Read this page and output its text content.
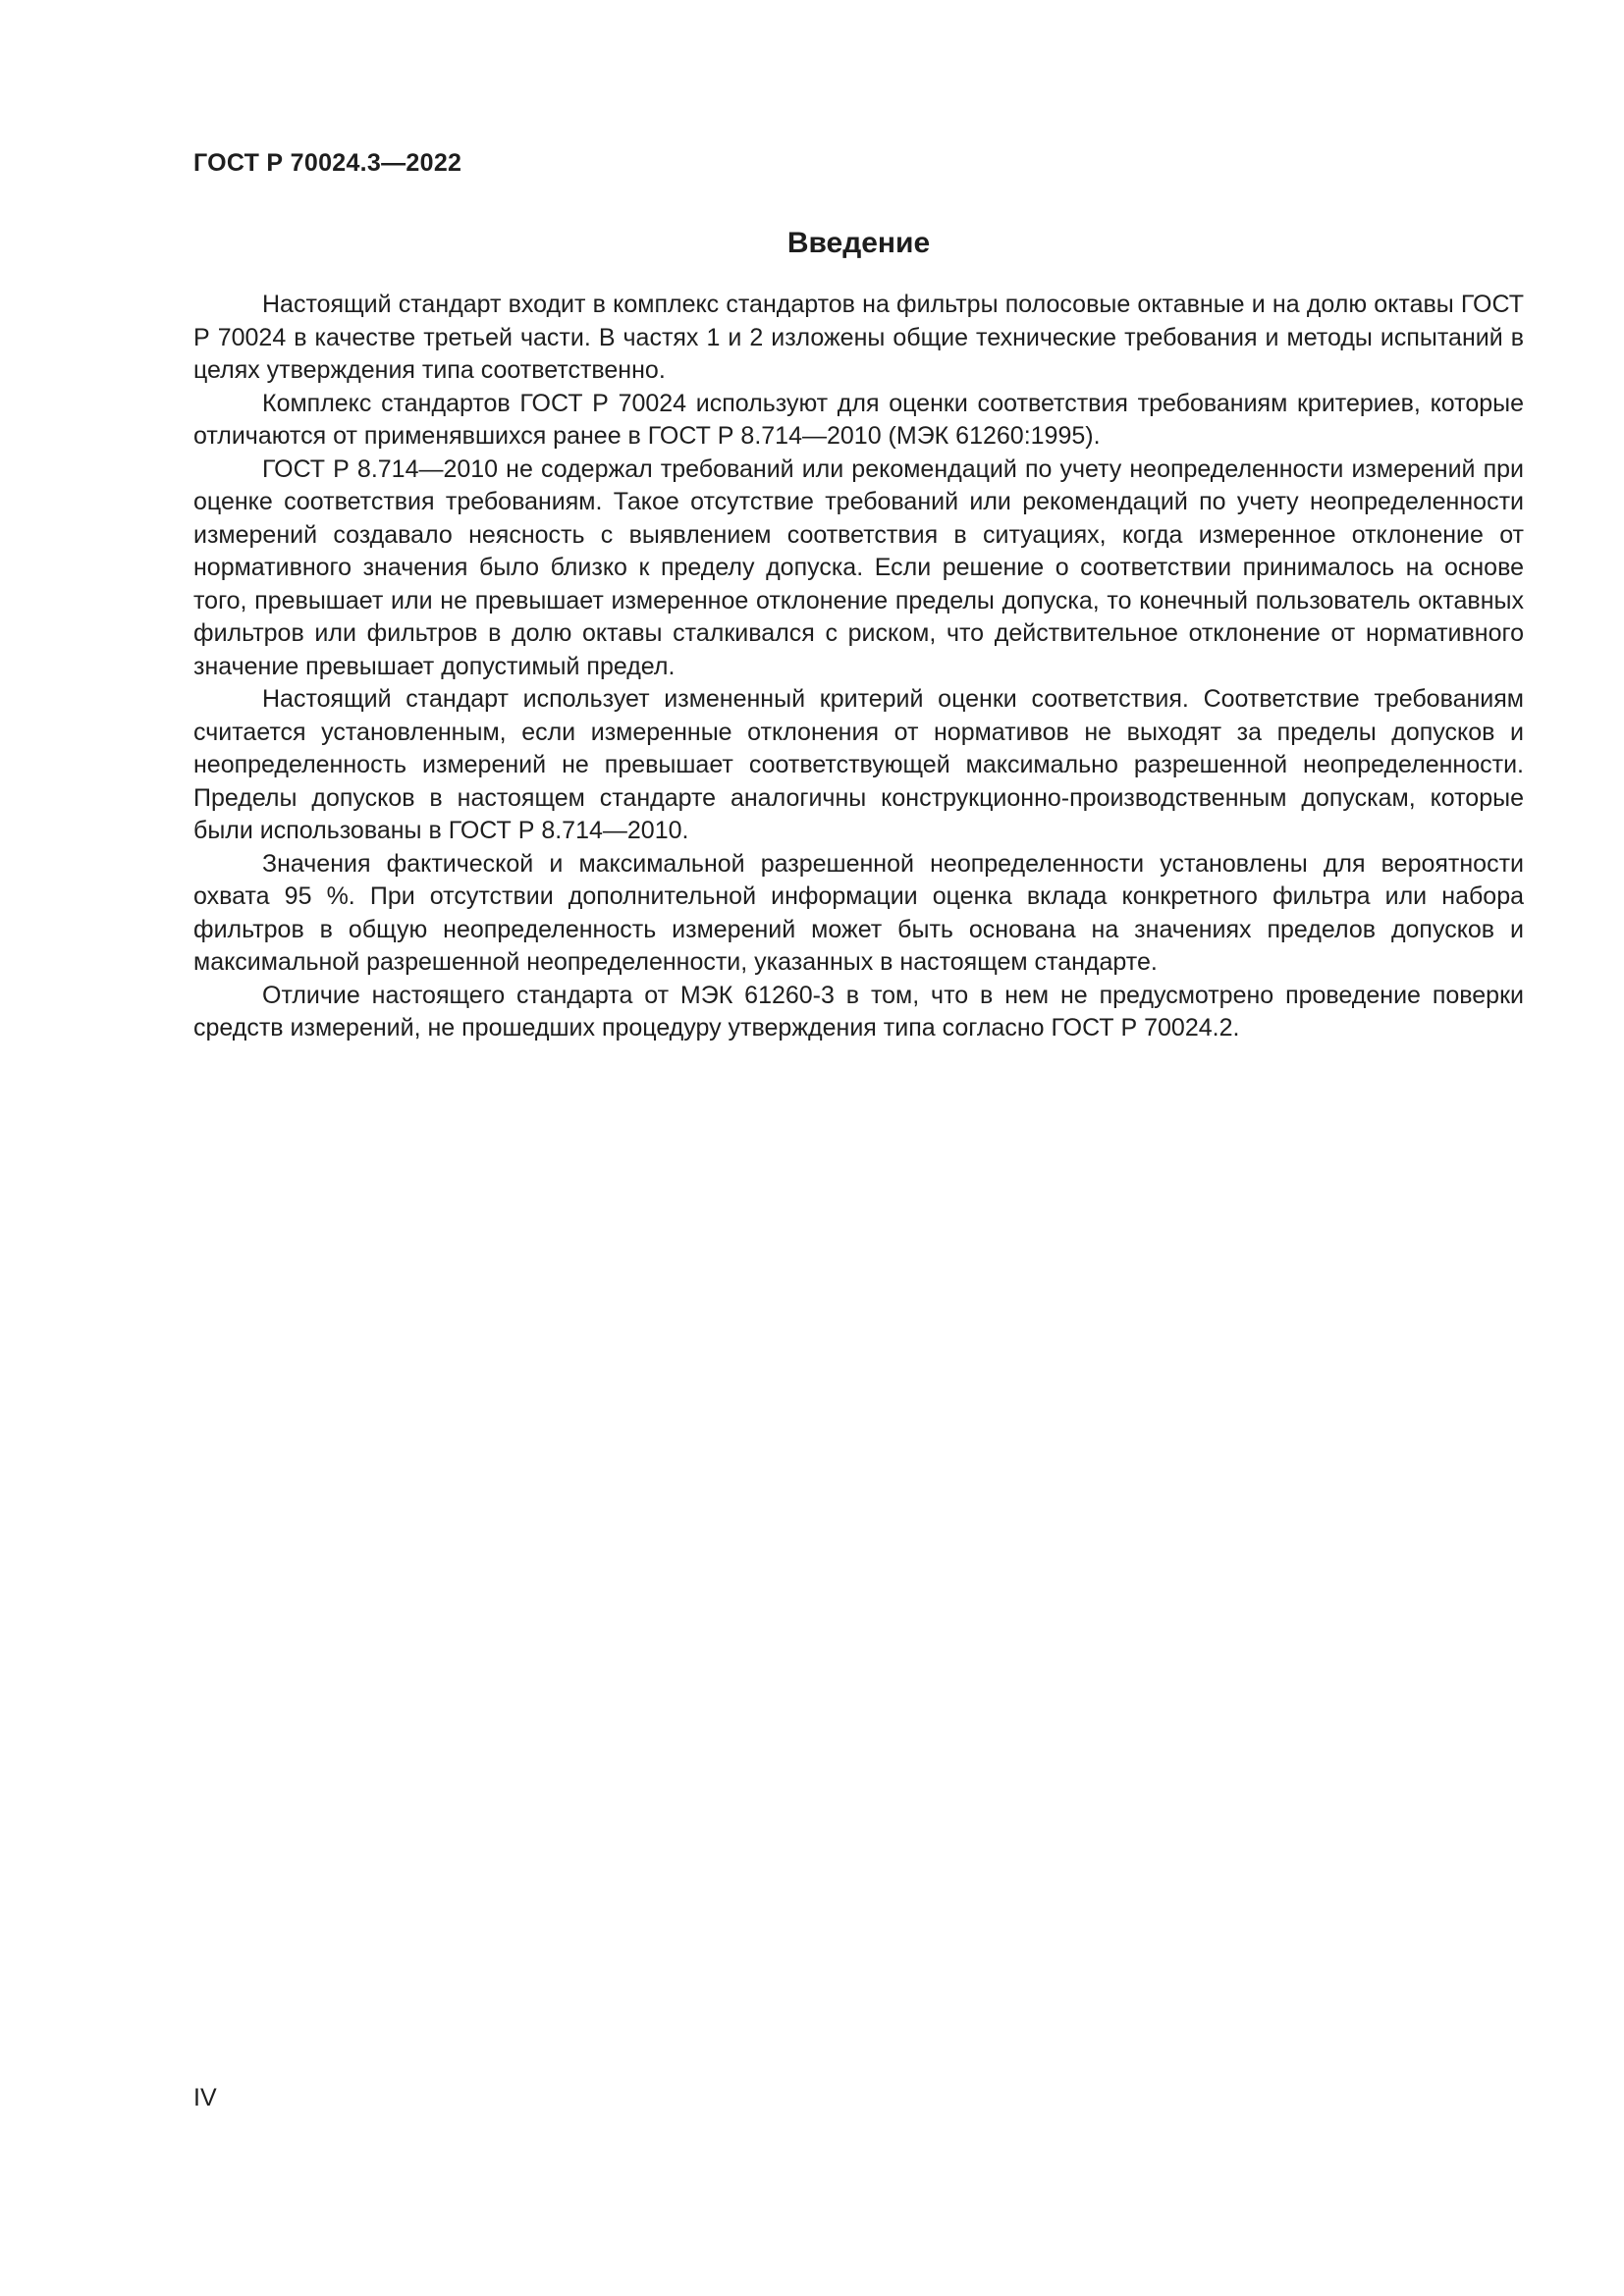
ГОСТ Р 70024.3—2022
Введение

Настоящий стандарт входит в комплекс стандартов на фильтры полосовые октавные и на долю октавы ГОСТ Р 70024 в качестве третьей части. В частях 1 и 2 изложены общие технические требования и методы испытаний в целях утверждения типа соответственно.

Комплекс стандартов ГОСТ Р 70024 используют для оценки соответствия требованиям критериев, которые отличаются от применявшихся ранее в ГОСТ Р 8.714—2010 (МЭК 61260:1995).

ГОСТ Р 8.714—2010 не содержал требований или рекомендаций по учету неопределенности измерений при оценке соответствия требованиям. Такое отсутствие требований или рекомендаций по учету неопределенности измерений создавало неясность с выявлением соответствия в ситуациях, когда измеренное отклонение от нормативного значения было близко к пределу допуска. Если решение о соответствии принималось на основе того, превышает или не превышает измеренное отклонение пределы допуска, то конечный пользователь октавных фильтров или фильтров в долю октавы сталкивался с риском, что действительное отклонение от нормативного значение превышает допустимый предел.

Настоящий стандарт использует измененный критерий оценки соответствия. Соответствие требованиям считается установленным, если измеренные отклонения от нормативов не выходят за пределы допусков и неопределенность измерений не превышает соответствующей максимально разрешенной неопределенности. Пределы допусков в настоящем стандарте аналогичны конструкционно-производственным допускам, которые были использованы в ГОСТ Р 8.714—2010.

Значения фактической и максимальной разрешенной неопределенности установлены для вероятности охвата 95 %. При отсутствии дополнительной информации оценка вклада конкретного фильтра или набора фильтров в общую неопределенность измерений может быть основана на значениях пределов допусков и максимальной разрешенной неопределенности, указанных в настоящем стандарте.

Отличие настоящего стандарта от МЭК 61260-3 в том, что в нем не предусмотрено проведение поверки средств измерений, не прошедших процедуру утверждения типа согласно ГОСТ Р 70024.2.

IV
